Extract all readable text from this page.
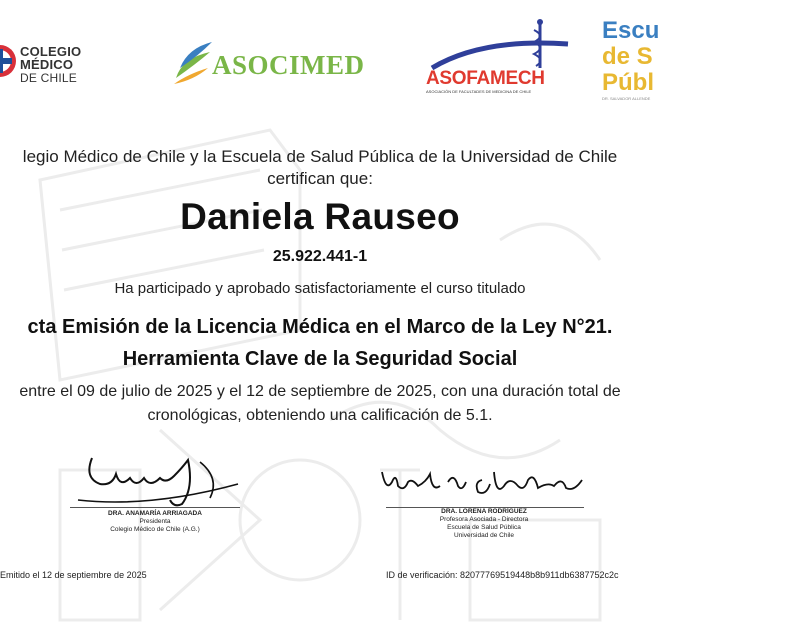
COLEGIO MÉDICO
DE CHILE	ASOCIMED	ASOFAMECH
ASOCIACIÓN DE FACULTADES DE MEDICINA DE CHILE
Escu
de S
Públ
DR. SALVADOR ALLENDE
legio Médico de Chile y la Escuela de Salud Pública de la Universidad de Chile
certifican que:
Daniela Rauseo
25.922.441-1
Ha participado y aprobado satisfactoriamente el curso titulado
cta Emisión de la Licencia Médica en el Marco de la Ley N°21.
Herramienta Clave de la Seguridad Social
entre el 09 de julio de 2025 y el 12 de septiembre de 2025, con una duración total de
cronológicas, obteniendo una calificación de 5.1.
DRA. ANAMARÍA ARRIAGADA
Presidenta
Colegio Médico de Chile (A.G.)
DRA. LORENA RODRÍGUEZ
Profesora Asociada - Directora
Escuela de Salud Pública
Universidad de Chile
Emitido el 12 de septiembre de 2025	ID de verificación: 82077769519448b8b911db6387752c2c
